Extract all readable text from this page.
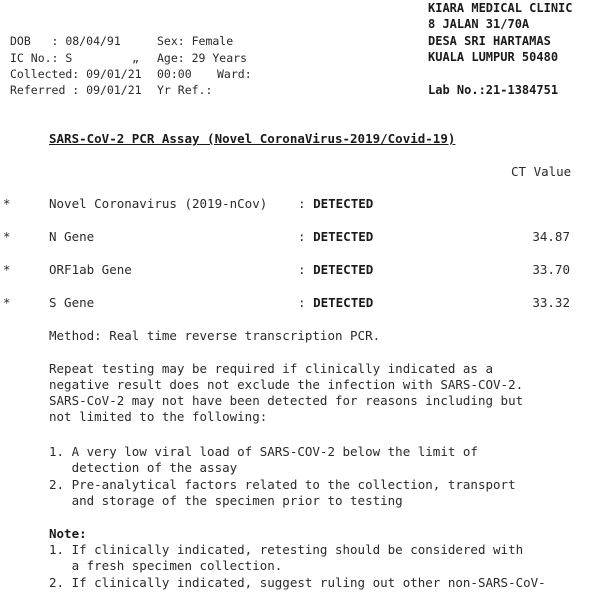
DOB   : 08/04/91
IC No.: S	„
Collected: 09/01/21 00:00
Referred : 09/01/21
Sex: Female
Age: 29 Years
Ward:
Yr Ref.:
KIARA MEDICAL CLINIC
8 JALAN 31/70A
DESA SRI HARTAMAS
KUALA LUMPUR 50480
Lab No.:21-1384751
SARS-CoV-2 PCR Assay (Novel CoronaVirus-2019/Covid-19)
CT Value
*	Novel Coronavirus (2019-nCov) : DETECTED
*	N Gene	: DETECTED	34.87
*	ORF1ab Gene	: DETECTED	33.70
*	S Gene	: DETECTED	33.32
Method: Real time reverse transcription PCR.
Repeat testing may be required if clinically indicated as a
negative result does not exclude the infection with SARS-COV-2.
SARS-CoV-2 may not have been detected for reasons including but
not limited to the following:
1. A very low viral load of SARS-COV-2 below the limit of
detection of the assay
2. Pre-analytical factors related to the collection, transport
and storage of the specimen prior to testing
Note:
1. If clinically indicated, retesting should be considered with
a fresh specimen collection.
2. If clinically indicated, suggest ruling out other non-SARS-CoV-
